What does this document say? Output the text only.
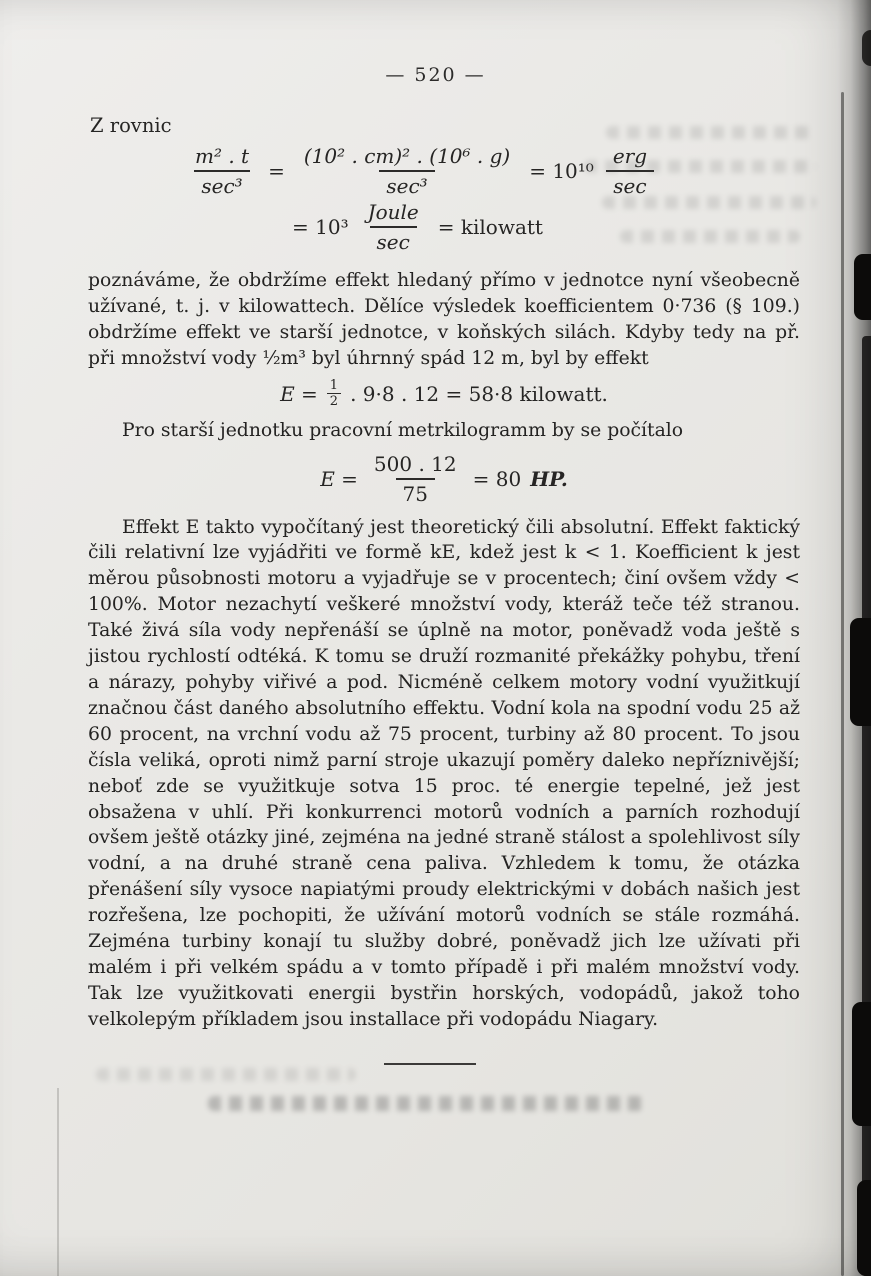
— 520 —
Z rovnic
$\frac{\text{m² . t}}{\text{sec³}} = \frac{\text{(10² . cm)² . (10⁶ . g)}}{\text{sec³}} = 10^{10} \frac{\text{erg}}{\sec}$
= $10^3 \frac{\text{Joule}}{\sec}$ = kilowatt

poznáváme, že obdržíme effekt hledaný přímo v jednotce nyní všeobecně užívané, t. j. v kilowattech. Dělíce výsledek koefficientem 0·736 (§ 109.) obdržíme effekt ve starší jednotce, v koňských silách. Kdyby tedy na př. při množství vody ½m³ byl úhrnný spád 12 m, byl by effekt

$E = \frac{1}{2}$ . 9·8 . 12 = 58·8 kilowatt.

Pro starší jednotku pracovní metrkilogramm by se počítalo

$E = \frac{500 . 12}{75} = 80$ HP.

Effekt E takto vypočítaný jest theoretický čili absolutní. Effekt faktický čili relativní lze vyjádřiti ve formě kE, kdež jest k < 1. Koefficient k jest měrou působnosti motoru a vyjadřuje se v procentech; činí ovšem vždy < 100%. Motor nezachytí veškeré množství vody, kteráž teče též stranou. Také živá síla vody nepřenáší se úplně na motor, poněvadž voda ještě s jistou rychlostí odtéká. K tomu se druží rozmanité překážky pohybu, tření a nárazy, pohyby viřivé a pod. Nicméně celkem motory vodní využitkují značnou část daného absolutního effektu. Vodní kola na spodní vodu 25 až 60 procent, na vrchní vodu až 75 procent, turbiny až 80 procent. To jsou čísla veliká, oproti nimž parní stroje ukazují poměry daleko nepříznivější; neboť zde se využitkuje sotva 15 proc. té energie tepelné, jež jest obsažena v uhlí. Při konkurrenci motorů vodních a parních rozhodují ovšem ještě otázky jiné, zejména na jedné straně stálost a spolehlivost síly vodní, a na druhé straně cena paliva. Vzhledem k tomu, že otázka přenášení síly vysoce napiatými proudy elektrickými v dobách našich jest rozřešena, lze pochopiti, že užívání motorů vodních se stále rozmáhá. Zejména turbiny konají tu služby dobré, poněvadž jich lze užívati při malém i při velkém spádu a v tomto případě i při malém množství vody. Tak lze využitkovati energii bystřin horských, vodopádů, jakož toho velkolepým příkladem jsou installace při vodopádu Niagary.
